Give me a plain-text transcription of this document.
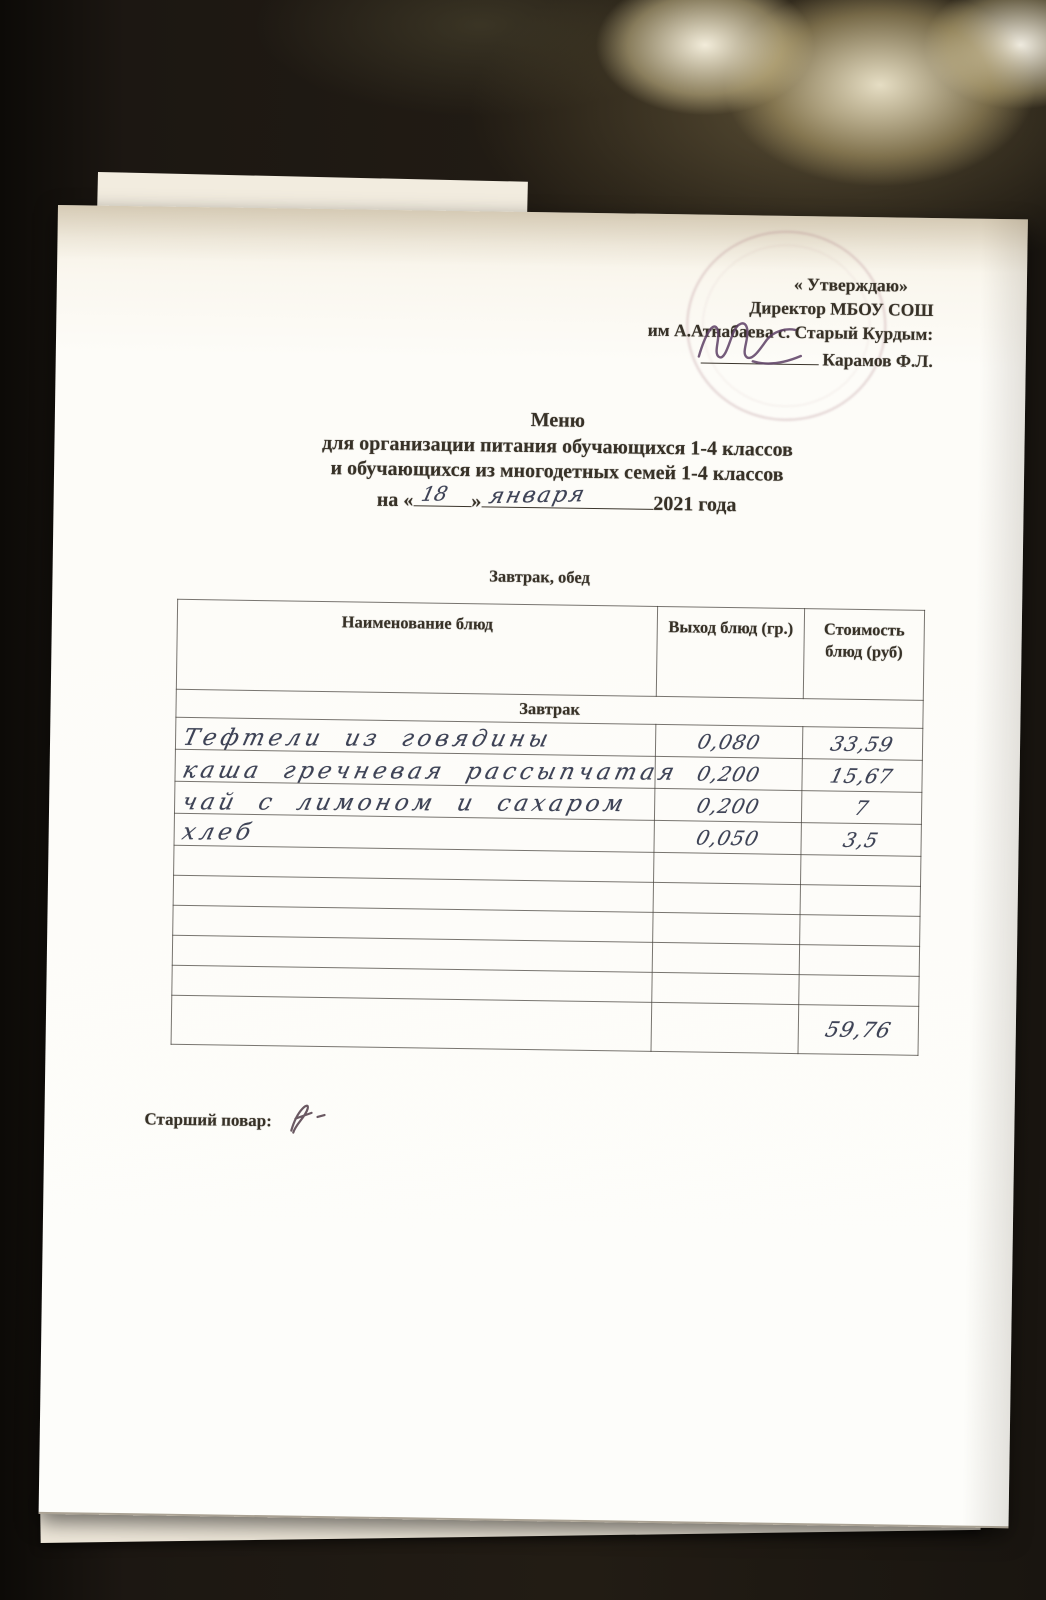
« Утверждаю»
Директор МБОУ СОШ
им А.Атнабаева с. Старый Курдым:
Карамов Ф.Л.
Меню
для организации питания обучающихся 1-4 классов
и обучающихся из многодетных семей 1-4 классов
на « 18 » января	2021 года
Завтрак, обед
Наименование блюд	Выход блюд (гр.)	Стоимость блюд (руб)
Завтрак		
Тефтели из говядины	0,080	33,59
каша гречневая рассыпчатая	0,200	15,67
чай с лимоном и сахаром	0,200	7
хлеб	0,050	3,5

		59,76
Старший повар:
